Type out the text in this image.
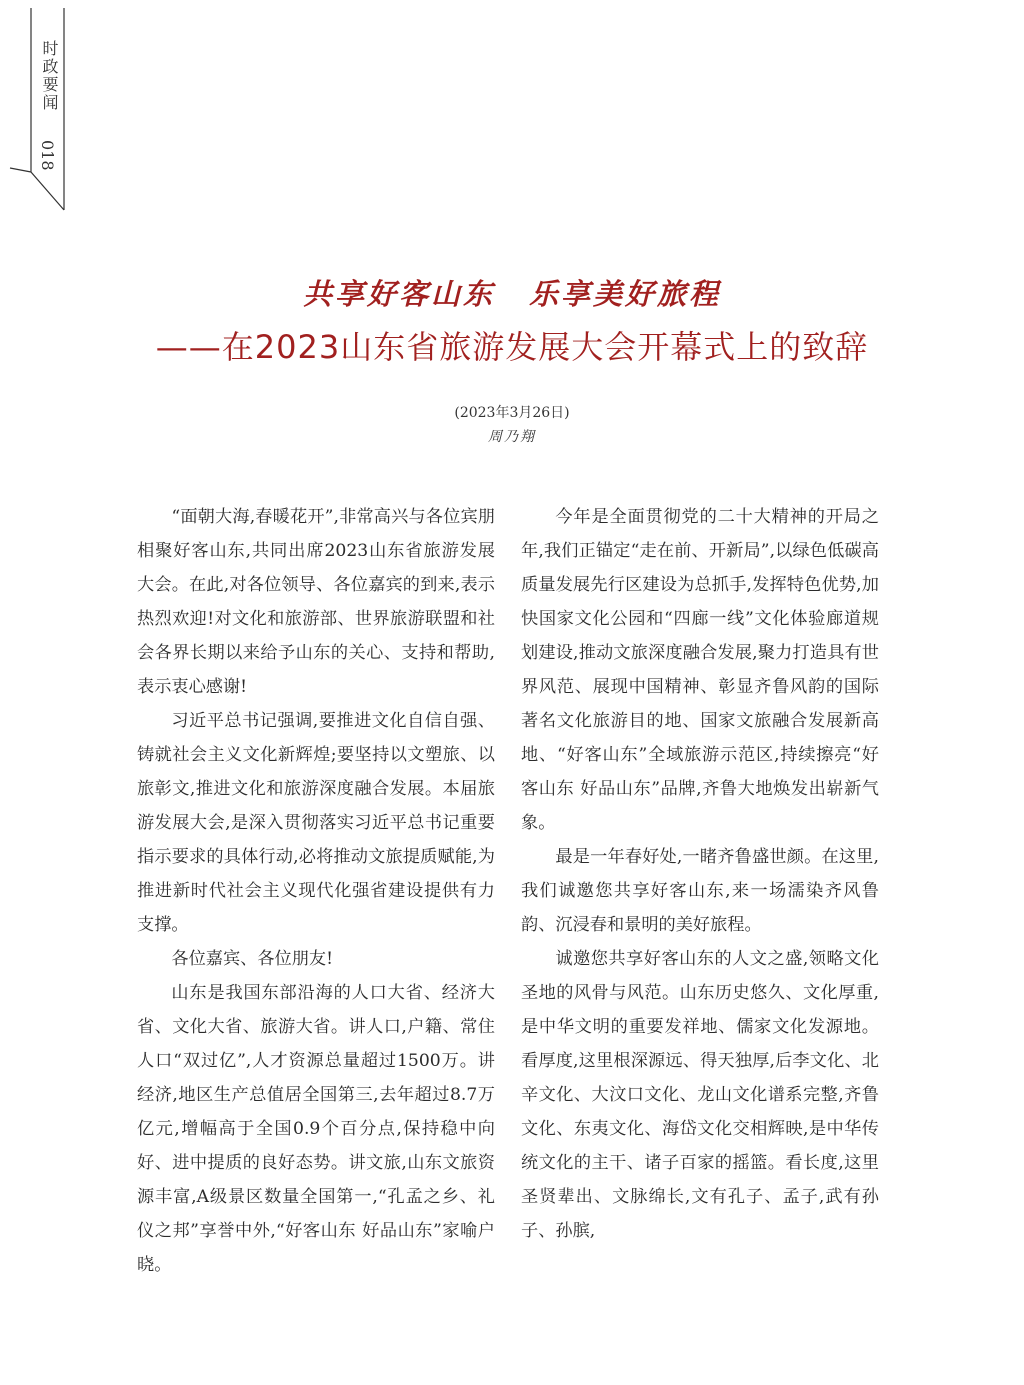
时政要闻
018
共享好客山东 乐享美好旅程
——在2023山东省旅游发展大会开幕式上的致辞
(2023年3月26日)
周乃翔

“面朝大海,春暖花开”,非常高兴与各位宾朋相聚好客山东,共同出席2023山东省旅游发展大会。在此,对各位领导、各位嘉宾的到来,表示热烈欢迎!对文化和旅游部、世界旅游联盟和社会各界长期以来给予山东的关心、支持和帮助,表示衷心感谢!

习近平总书记强调,要推进文化自信自强、铸就社会主义文化新辉煌;要坚持以文塑旅、以旅彰文,推进文化和旅游深度融合发展。本届旅游发展大会,是深入贯彻落实习近平总书记重要指示要求的具体行动,必将推动文旅提质赋能,为推进新时代社会主义现代化强省建设提供有力支撑。

各位嘉宾、各位朋友!

山东是我国东部沿海的人口大省、经济大省、文化大省、旅游大省。讲人口,户籍、常住人口“双过亿”,人才资源总量超过1500万。讲经济,地区生产总值居全国第三,去年超过8.7万亿元,增幅高于全国0.9个百分点,保持稳中向好、进中提质的良好态势。讲文旅,山东文旅资源丰富,A级景区数量全国第一,“孔孟之乡、礼仪之邦”享誉中外,“好客山东 好品山东”家喻户晓。

今年是全面贯彻党的二十大精神的开局之年,我们正锚定“走在前、开新局”,以绿色低碳高质量发展先行区建设为总抓手,发挥特色优势,加快国家文化公园和“四廊一线”文化体验廊道规划建设,推动文旅深度融合发展,聚力打造具有世界风范、展现中国精神、彰显齐鲁风韵的国际著名文化旅游目的地、国家文旅融合发展新高地、“好客山东”全域旅游示范区,持续擦亮“好客山东 好品山东”品牌,齐鲁大地焕发出崭新气象。

最是一年春好处,一睹齐鲁盛世颜。在这里,我们诚邀您共享好客山东,来一场濡染齐风鲁韵、沉浸春和景明的美好旅程。

诚邀您共享好客山东的人文之盛,领略文化圣地的风骨与风范。山东历史悠久、文化厚重,是中华文明的重要发祥地、儒家文化发源地。看厚度,这里根深源远、得天独厚,后李文化、北辛文化、大汶口文化、龙山文化谱系完整,齐鲁文化、东夷文化、海岱文化交相辉映,是中华传统文化的主干、诸子百家的摇篮。看长度,这里圣贤辈出、文脉绵长,文有孔子、孟子,武有孙子、孙膑,
